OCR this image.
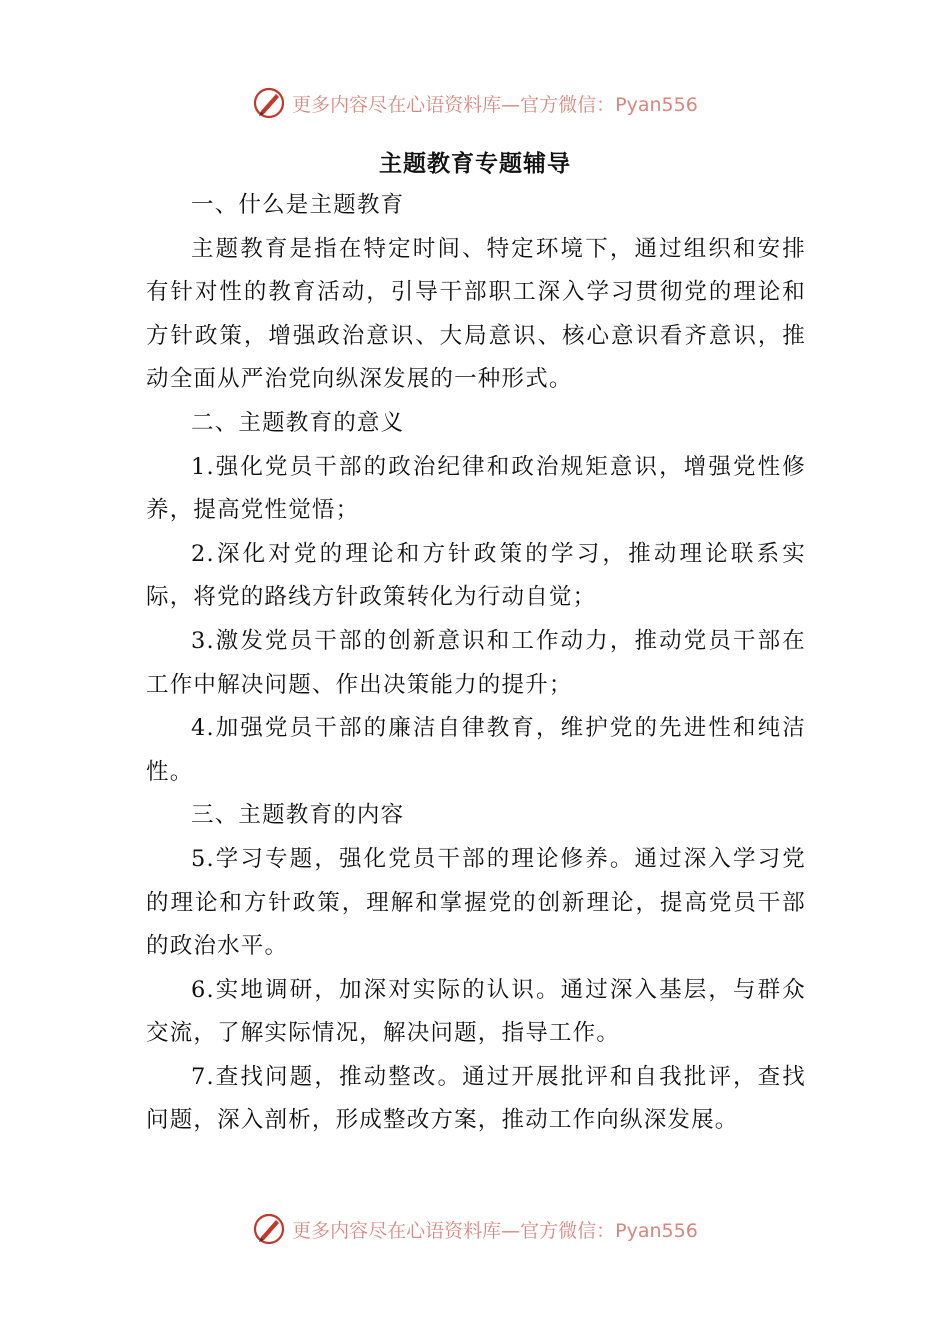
更多内容尽在心语资料库—官方微信：Pyan556
主题教育专题辅导

一、什么是主题教育

主题教育是指在特定时间、特定环境下，通过组织和安排有针对性的教育活动，引导干部职工深入学习贯彻党的理论和方针政策，增强政治意识、大局意识、核心意识看齐意识，推动全面从严治党向纵深发展的一种形式。

二、主题教育的意义

1.强化党员干部的政治纪律和政治规矩意识，增强党性修养，提高党性觉悟；

2.深化对党的理论和方针政策的学习，推动理论联系实际，将党的路线方针政策转化为行动自觉；

3.激发党员干部的创新意识和工作动力，推动党员干部在工作中解决问题、作出决策能力的提升；

4.加强党员干部的廉洁自律教育，维护党的先进性和纯洁性。

三、主题教育的内容

5.学习专题，强化党员干部的理论修养。通过深入学习党的理论和方针政策，理解和掌握党的创新理论，提高党员干部的政治水平。

6.实地调研，加深对实际的认识。通过深入基层，与群众交流，了解实际情况，解决问题，指导工作。

7.查找问题，推动整改。通过开展批评和自我批评，查找问题，深入剖析，形成整改方案，推动工作向纵深发展。

更多内容尽在心语资料库—官方微信：Pyan556
